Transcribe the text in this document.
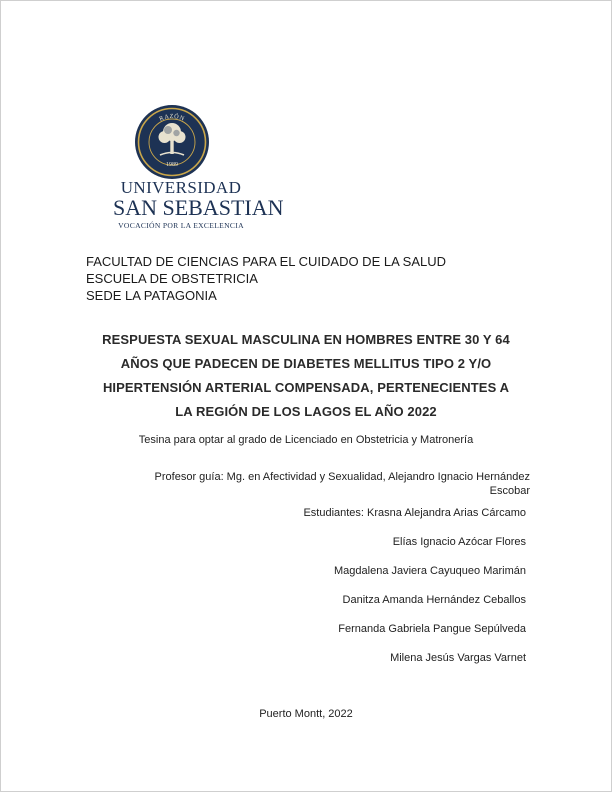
RAZÓN
1989
UNIVERSIDAD
SAN SEBASTIAN
VOCACIÓN POR LA EXCELENCIA
FACULTAD DE CIENCIAS PARA EL CUIDADO DE LA SALUD
ESCUELA DE OBSTETRICIA
SEDE LA PATAGONIA
RESPUESTA SEXUAL MASCULINA EN HOMBRES ENTRE 30 Y 64
AÑOS QUE PADECEN DE DIABETES MELLITUS TIPO 2 Y/O
HIPERTENSIÓN ARTERIAL COMPENSADA, PERTENECIENTES A
LA REGIÓN DE LOS LAGOS EL AÑO 2022
Tesina para optar al grado de Licenciado en Obstetricia y Matronería
Profesor guía: Mg. en Afectividad y Sexualidad, Alejandro Ignacio Hernández
Escobar
Estudiantes: Krasna Alejandra Arias Cárcamo
Elías Ignacio Azócar Flores
Magdalena Javiera Cayuqueo Marimán
Danitza Amanda Hernández Ceballos
Fernanda Gabriela Pangue Sepúlveda
Milena Jesús Vargas Varnet
Puerto Montt, 2022
